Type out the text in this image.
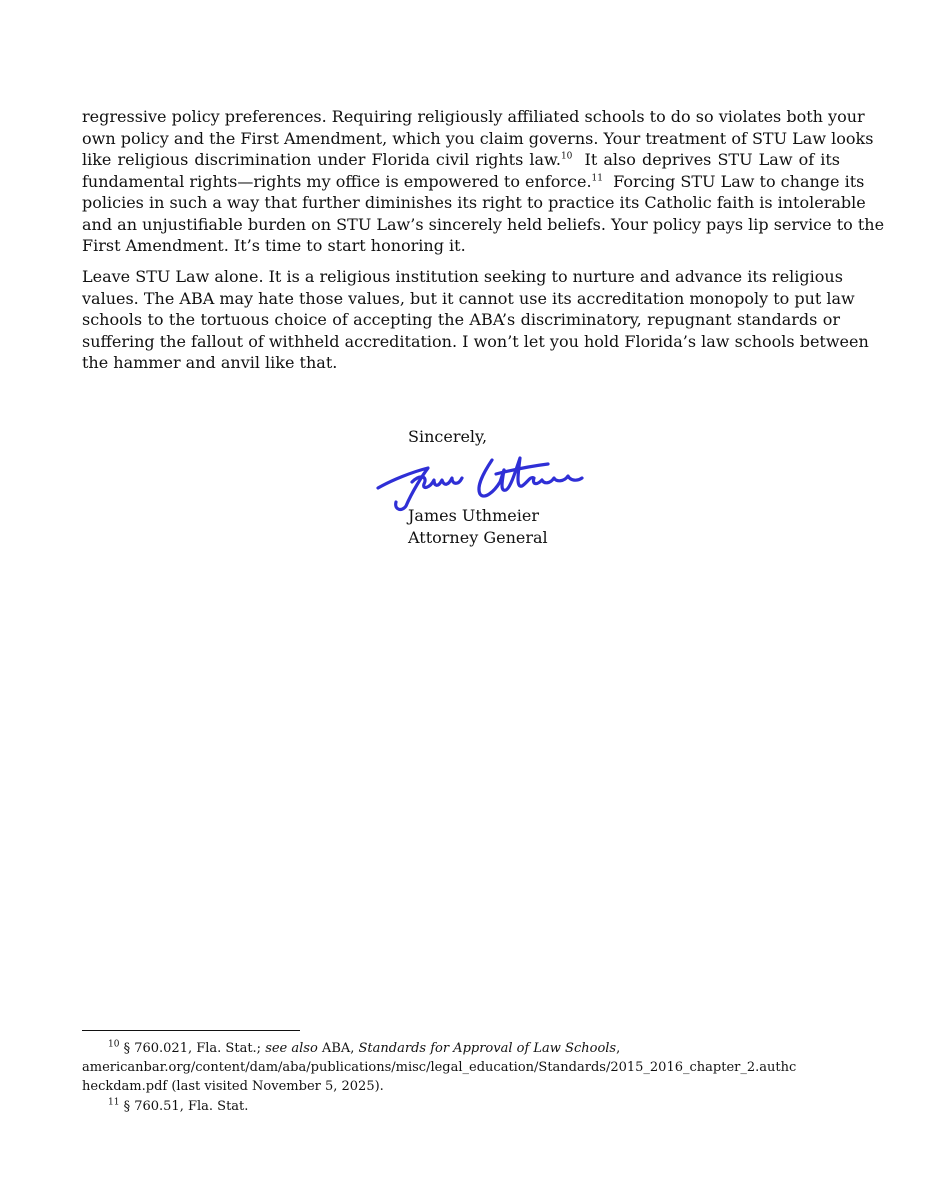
regressive policy preferences. Requiring religiously affiliated schools to do so violates both your
own policy and the First Amendment, which you claim governs. Your treatment of STU Law looks
like religious discrimination under Florida civil rights law.$^{10}$  It also deprives STU Law of its
fundamental rights—rights my office is empowered to enforce.$^{11}$  Forcing STU Law to change its
policies in such a way that further diminishes its right to practice its Catholic faith is intolerable
and an unjustifiable burden on STU Law’s sincerely held beliefs. Your policy pays lip service to the
First Amendment. It’s time to start honoring it.
Leave STU Law alone. It is a religious institution seeking to nurture and advance its religious
values. The ABA may hate those values, but it cannot use its accreditation monopoly to put law
schools to the tortuous choice of accepting the ABA’s discriminatory, repugnant standards or
suffering the fallout of withheld accreditation. I won’t let you hold Florida’s law schools between
the hammer and anvil like that.

Sincerely,

James Uthmeier

Attorney General

$^{10}$ § 760.021, Fla. Stat.; see also ABA, Standards for Approval of Law Schools,
americanbar.org/content/dam/aba/publications/misc/legal_education/Standards/2015_2016_chapter_2.authc
heckdam.pdf (last visited November 5, 2025).
$^{11}$ § 760.51, Fla. Stat.
